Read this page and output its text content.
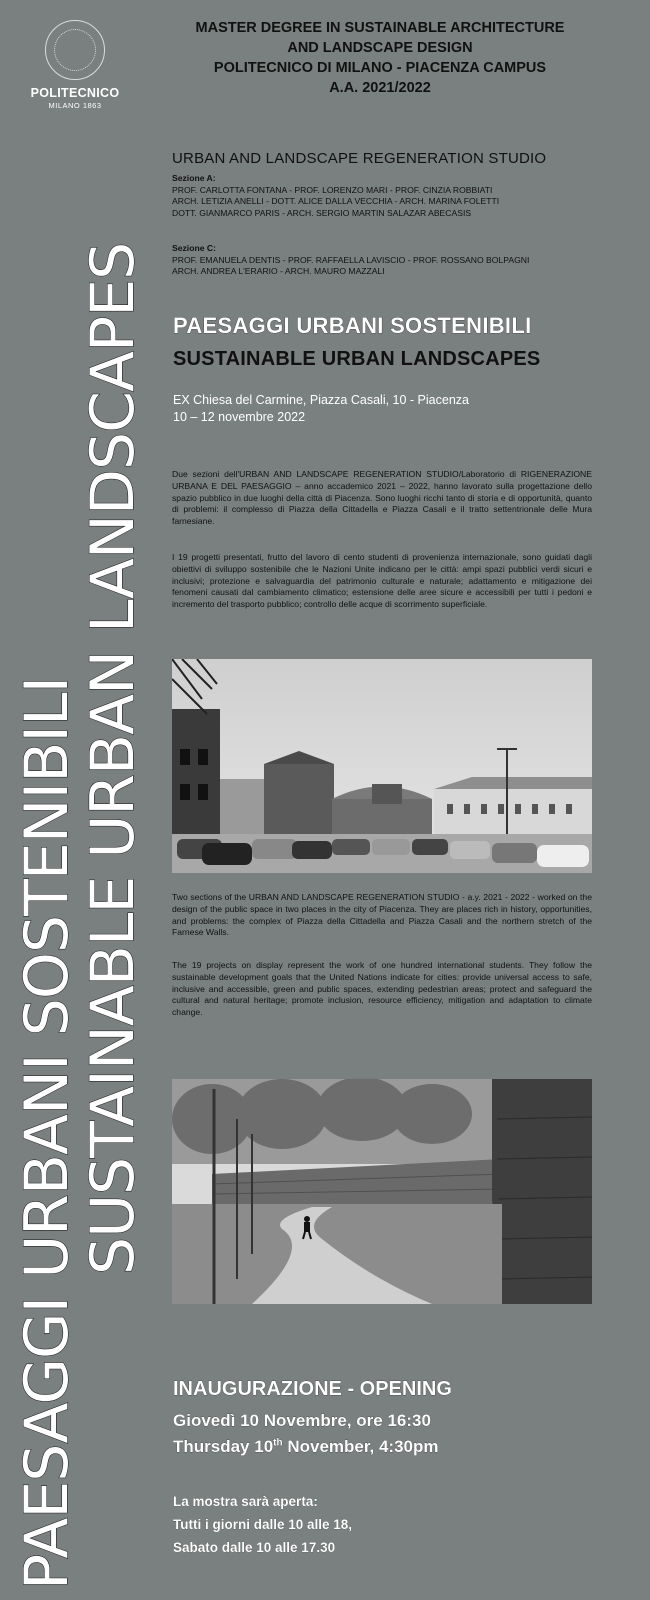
POLITECNICO
MILANO 1863
PAESAGGI URBANI SOSTENIBILI
SUSTAINABLE URBAN LANDSCAPES
MASTER DEGREE IN SUSTAINABLE ARCHITECTURE
AND LANDSCAPE DESIGN
POLITECNICO DI MILANO - PIACENZA CAMPUS
A.A. 2021/2022
URBAN AND LANDSCAPE REGENERATION STUDIO
Sezione A:
PROF. CARLOTTA FONTANA - PROF. LORENZO MARI - PROF. CINZIA ROBBIATI
ARCH. LETIZIA ANELLI - DOTT. ALICE DALLA VECCHIA - ARCH. MARINA FOLETTI
DOTT. GIANMARCO PARIS - ARCH. SERGIO MARTIN SALAZAR ABECASIS
Sezione C:
PROF. EMANUELA DENTIS - PROF. RAFFAELLA LAVISCIO - PROF. ROSSANO BOLPAGNI
ARCH. ANDREA L'ERARIO - ARCH. MAURO MAZZALI
PAESAGGI URBANI SOSTENIBILI
SUSTAINABLE URBAN LANDSCAPES
EX Chiesa del Carmine, Piazza Casali, 10 - Piacenza
10 – 12 novembre 2022
Due sezioni dell'URBAN AND LANDSCAPE REGENERATION STUDIO/Laboratorio di RIGENERAZIONE URBANA E DEL PAESAGGIO – anno accademico 2021 – 2022, hanno lavorato sulla progettazione dello spazio pubblico in due luoghi della città di Piacenza. Sono luoghi ricchi tanto di storia e di opportunità, quanto di problemi: il complesso di Piazza della Cittadella e Piazza Casali e il tratto settentrionale delle Mura farnesiane.
I 19 progetti presentati, frutto del lavoro di cento studenti di provenienza internazionale, sono guidati dagli obiettivi di sviluppo sostenibile che le Nazioni Unite indicano per le città: ampi spazi pubblici verdi sicuri e inclusivi; protezione e salvaguardia del patrimonio culturale e naturale; adattamento e mitigazione dei fenomeni causati dal cambiamento climatico; estensione delle aree sicure e accessibili per tutti i pedoni e incremento del trasporto pubblico; controllo delle acque di scorrimento superficiale.
Two sections of the URBAN AND LANDSCAPE REGENERATION STUDIO - a.y. 2021 - 2022 - worked on the design of the public space in two places in the city of Piacenza. They are places rich in history, opportunities, and problems: the complex of Piazza della Cittadella and Piazza Casali and the northern stretch of the Farnese Walls.
The 19 projects on display represent the work of one hundred international students. They follow the sustainable development goals that the United Nations indicate for cities: provide universal access to safe, inclusive and accessible, green and public spaces, extending pedestrian areas; protect and safeguard the cultural and natural heritage; promote inclusion, resource efficiency, mitigation and adaptation to climate change.
INAUGURAZIONE - OPENING
Giovedì 10 Novembre, ore 16:30
Thursday 10th November, 4:30pm
La mostra sarà aperta:
Tutti i giorni dalle 10 alle 18,
Sabato dalle 10 alle 17.30
